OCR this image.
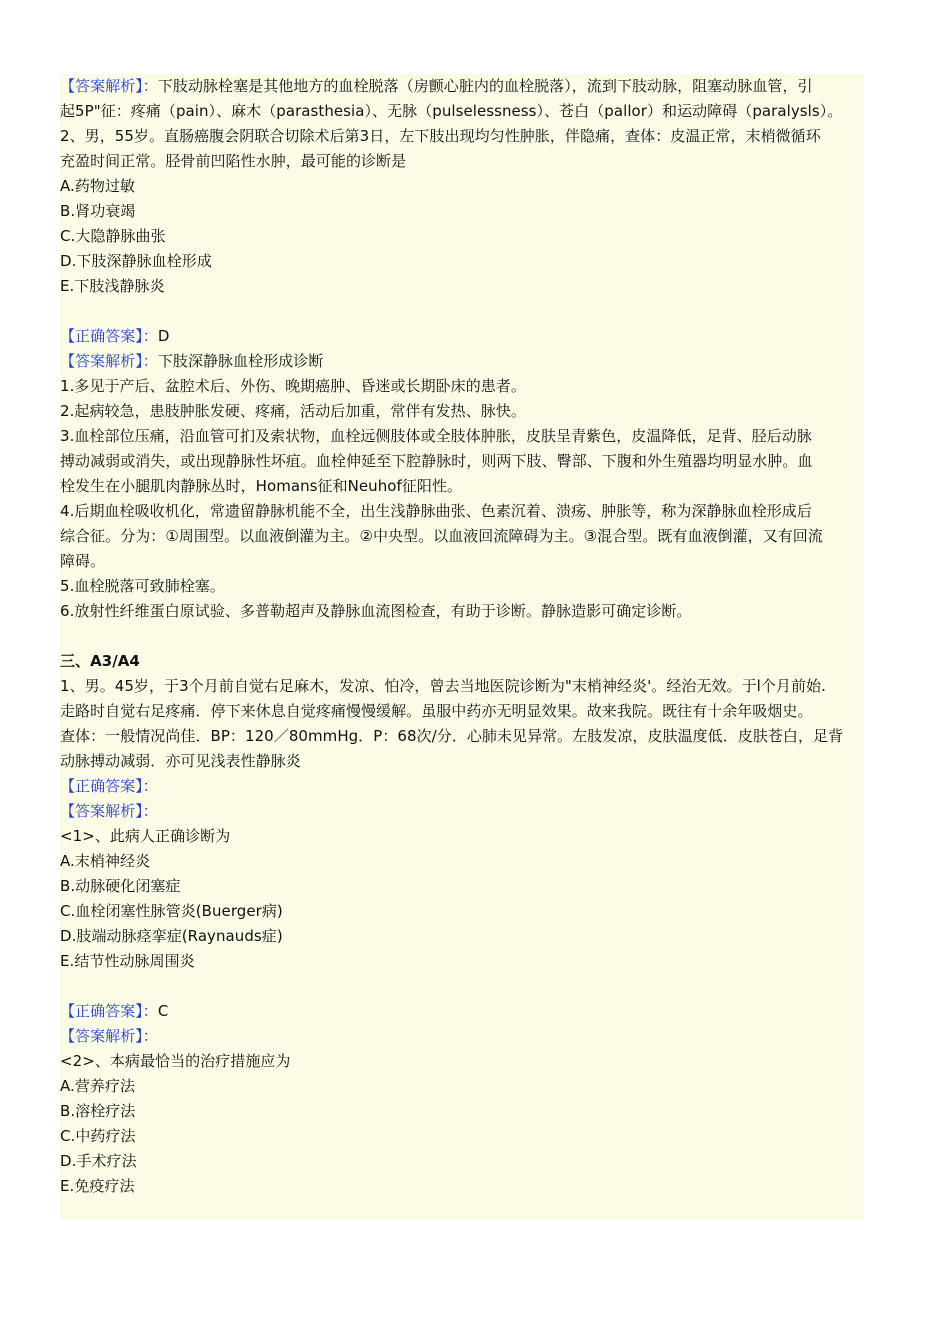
【答案解析】：下肢动脉栓塞是其他地方的血栓脱落（房颤心脏内的血栓脱落），流到下肢动脉，阻塞动脉血管，引
起5P"征：疼痛（pain）、麻木（parasthesia）、无脉（pulselessness）、苍白（pallor）和运动障碍（paralysls）。
2、男，55岁。直肠癌腹会阴联合切除术后第3日，左下肢出现均匀性肿胀，伴隐痛，查体：皮温正常，末梢微循环
充盈时间正常。胫骨前凹陷性水肿，最可能的诊断是
A.药物过敏
B.肾功衰竭
C.大隐静脉曲张
D.下肢深静脉血栓形成
E.下肢浅静脉炎
【正确答案】：D
【答案解析】：下肢深静脉血栓形成诊断
1.多见于产后、盆腔术后、外伤、晚期癌肿、昏迷或长期卧床的患者。
2.起病较急，患肢肿胀发硬、疼痛，活动后加重，常伴有发热、脉快。
3.血栓部位压痛，沿血管可扪及索状物，血栓远侧肢体或全肢体肿胀，皮肤呈青紫色，皮温降低，足背、胫后动脉
搏动减弱或消失，或出现静脉性坏疽。血栓伸延至下腔静脉时，则两下肢、臀部、下腹和外生殖器均明显水肿。血
栓发生在小腿肌肉静脉丛时，Homans征和Neuhof征阳性。
4.后期血栓吸收机化，常遗留静脉机能不全，出生浅静脉曲张、色素沉着、溃疡、肿胀等，称为深静脉血栓形成后
综合征。分为：①周围型。以血液倒灌为主。②中央型。以血液回流障碍为主。③混合型。既有血液倒灌，又有回流
障碍。
5.血栓脱落可致肺栓塞。
6.放射性纤维蛋白原试验、多普勒超声及静脉血流图检查，有助于诊断。静脉造影可确定诊断。
三、A3/A4
1、男。45岁，于3个月前自觉右足麻木，发凉、怕冷，曾去当地医院诊断为"末梢神经炎'。经治无效。于l个月前始.
走路时自觉右足疼痛．停下来休息自觉疼痛慢慢缓解。虽服中药亦无明显效果。故来我院。既往有十余年吸烟史。
查体：一般情况尚佳．BP：120／80mmHg．P：68次/分．心肺未见异常。左肢发凉，皮肤温度低．皮肤苍白，足背
动脉搏动减弱．亦可见浅表性静脉炎
【正确答案】：
【答案解析】：
<1>、此病人正确诊断为
A.末梢神经炎
B.动脉硬化闭塞症
C.血栓闭塞性脉管炎(Buerger病)
D.肢端动脉痉挛症(Raynauds症)
E.结节性动脉周围炎
【正确答案】：C
【答案解析】：
<2>、本病最恰当的治疗措施应为
A.营养疗法
B.溶栓疗法
C.中药疗法
D.手术疗法
E.免疫疗法
